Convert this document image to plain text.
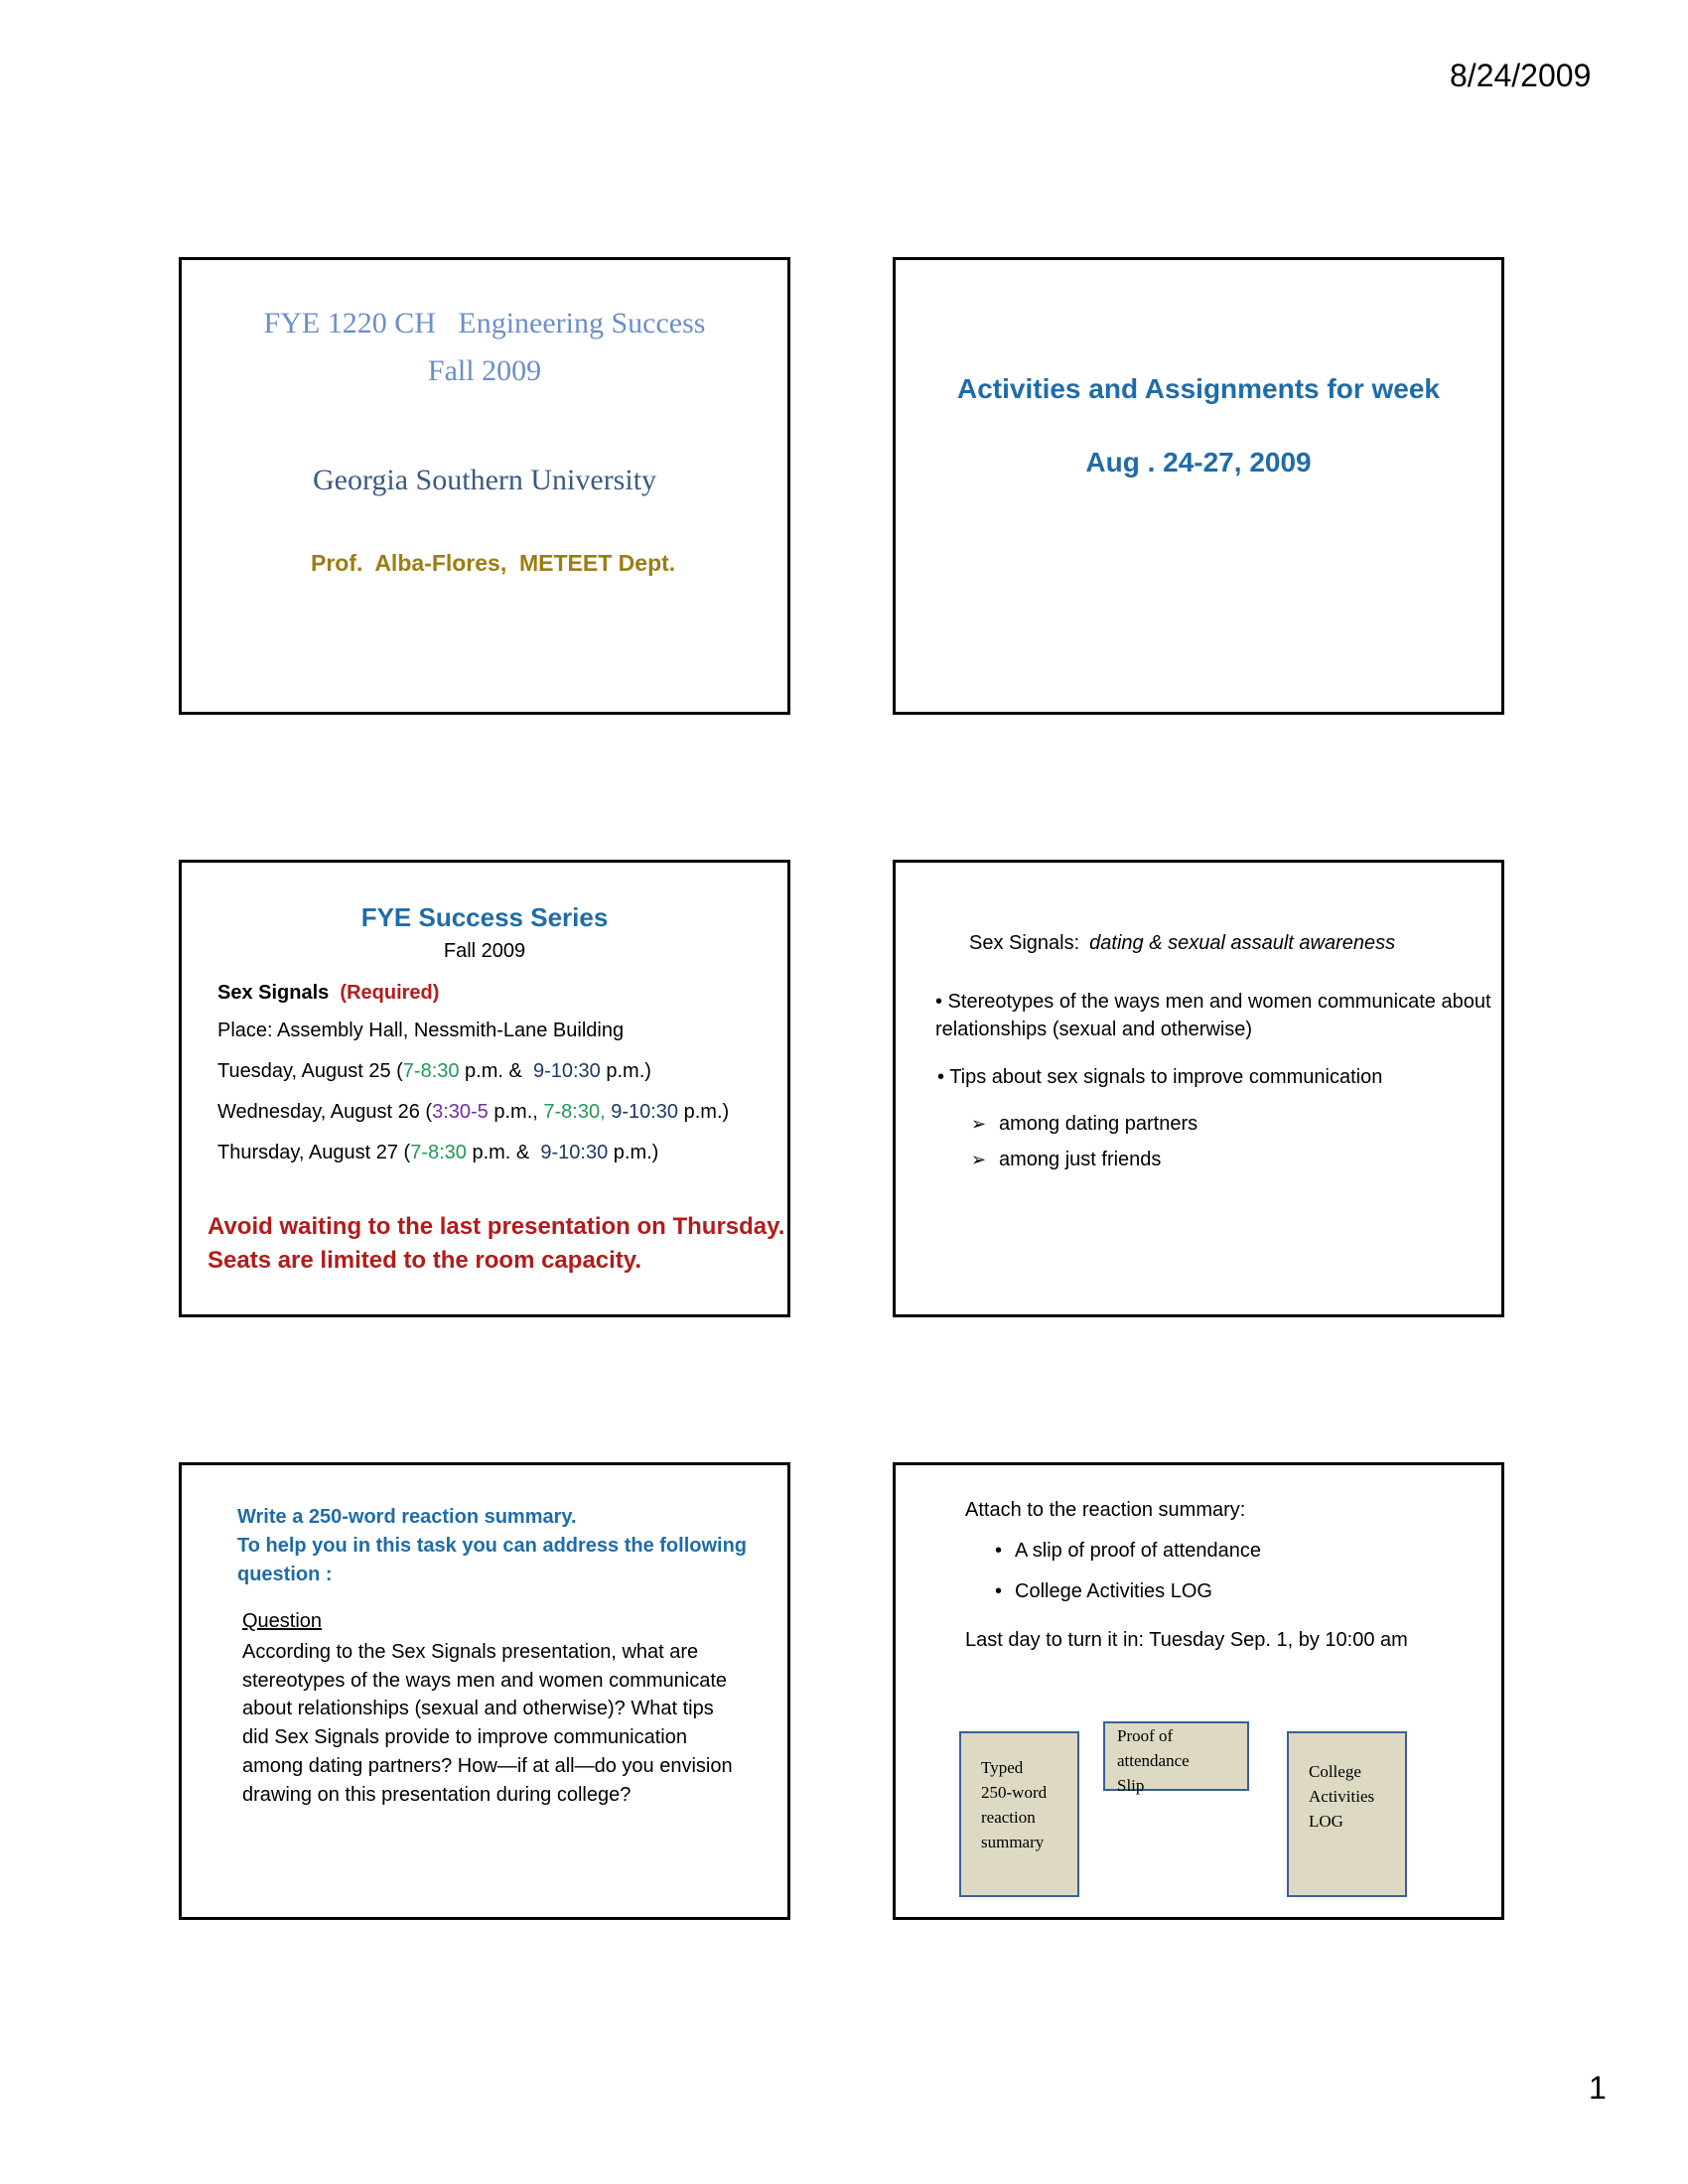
8/24/2009
FYE 1220 CH   Engineering Success
Fall 2009
Georgia Southern University
Prof.  Alba-Flores,  METEET Dept.
Activities and Assignments for week
Aug . 24-27, 2009
FYE Success Series
Fall 2009
Sex Signals (Required)
Place: Assembly Hall, Nessmith-Lane Building
Tuesday, August 25 (7-8:30 p.m. &  9-10:30 p.m.)
Wednesday, August 26 (3:30-5 p.m., 7-8:30, 9-10:30 p.m.)
Thursday, August 27 (7-8:30 p.m. &  9-10:30 p.m.)
Avoid waiting to the last presentation on Thursday.
Seats are limited to the room capacity.
Sex Signals: dating & sexual assault awareness
• Stereotypes of the ways men and women communicate about relationships (sexual and otherwise)
• Tips about sex signals to improve communication
➢ among dating partners
➢ among just friends
Write a 250-word reaction summary.
To help you in this task you can address the following question :
Question
According to the Sex Signals presentation, what are stereotypes of the ways men and women communicate about relationships (sexual and otherwise)? What tips did Sex Signals provide to improve communication among dating partners? How—if at all—do you envision drawing on this presentation during college?
Attach to the reaction summary:
• A slip of proof of attendance
• College Activities LOG
Last day to turn it in: Tuesday Sep. 1, by 10:00 am
Typed
250-word
reaction
summary
Proof of
attendance
Slip
College
Activities
LOG
1
